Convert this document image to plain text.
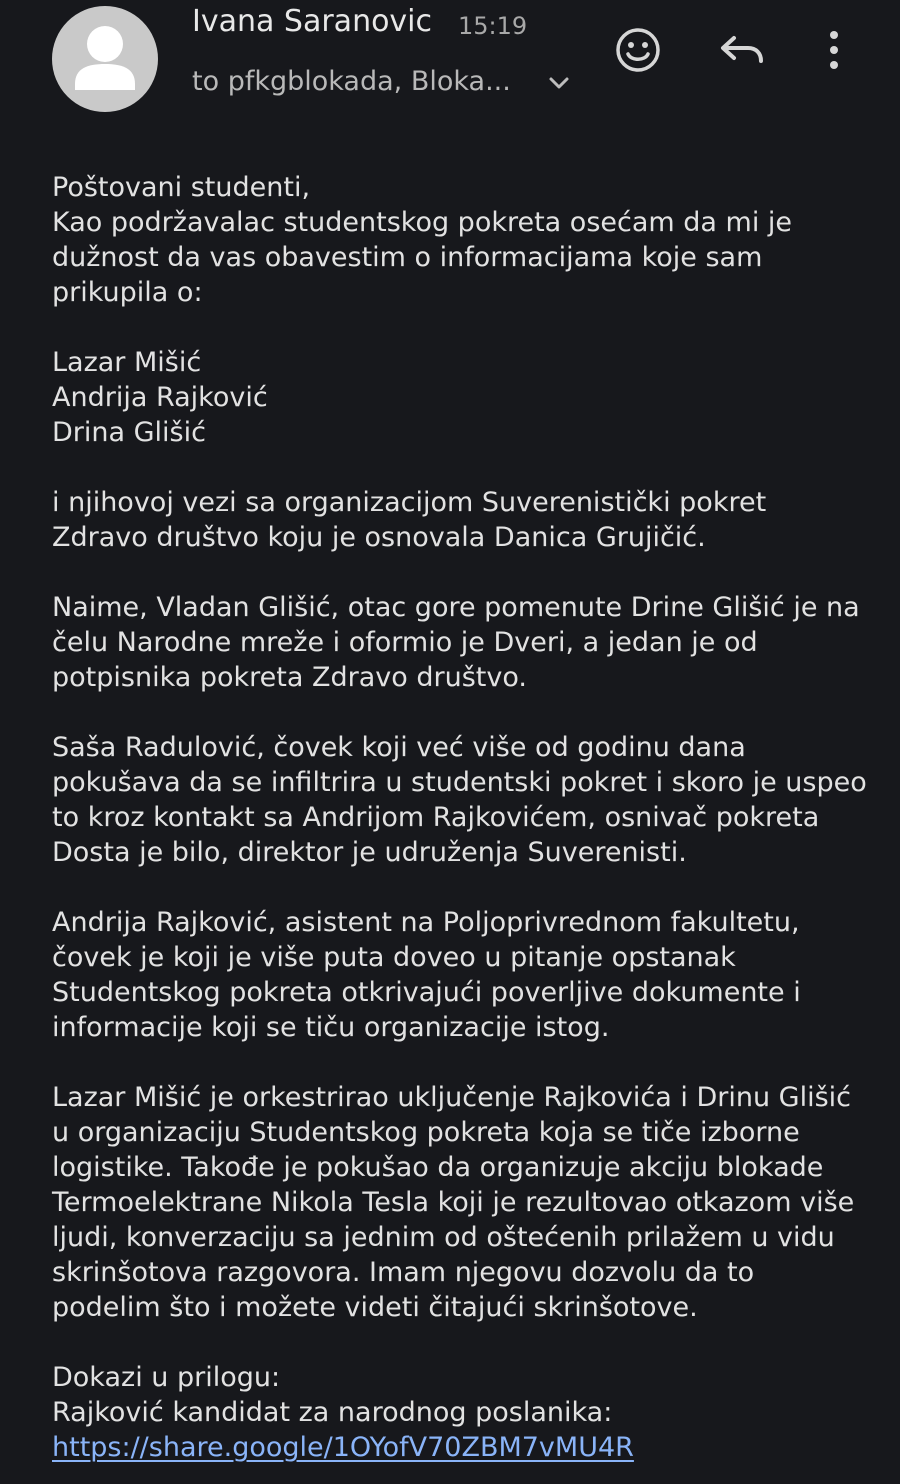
Ivana Saranovic 15:19
to pfkgblokada, Bloka...
Poštovani studenti,
Kao podržavalac studentskog pokreta osećam da mi je
dužnost da vas obavestim o informacijama koje sam
prikupila o:
Lazar Mišić
Andrija Rajković
Drina Glišić
i njihovoj vezi sa organizacijom Suverenistički pokret
Zdravo društvo koju je osnovala Danica Grujičić.
Naime, Vladan Glišić, otac gore pomenute Drine Glišić je na
čelu Narodne mreže i oformio je Dveri, a jedan je od
potpisnika pokreta Zdravo društvo.
Saša Radulović, čovek koji već više od godinu dana
pokušava da se infiltrira u studentski pokret i skoro je uspeo
to kroz kontakt sa Andrijom Rajkovićem, osnivač pokreta
Dosta je bilo, direktor je udruženja Suverenisti.
Andrija Rajković, asistent na Poljoprivrednom fakultetu,
čovek je koji je više puta doveo u pitanje opstanak
Studentskog pokreta otkrivajući poverljive dokumente i
informacije koji se tiču organizacije istog.
Lazar Mišić je orkestrirao uključenje Rajkovića i Drinu Glišić
u organizaciju Studentskog pokreta koja se tiče izborne
logistike. Takođe je pokušao da organizuje akciju blokade
Termoelektrane Nikola Tesla koji je rezultovao otkazom više
ljudi, konverzaciju sa jednim od oštećenih prilažem u vidu
skrinšotova razgovora. Imam njegovu dozvolu da to
podelim što i možete videti čitajući skrinšotove.
Dokazi u prilogu:
Rajković kandidat za narodnog poslanika:
https://share.google/1OYofV70ZBM7vMU4R
